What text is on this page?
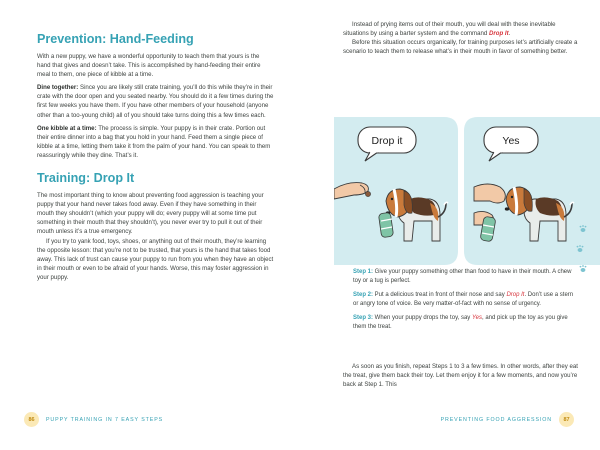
Prevention: Hand-Feeding

With a new puppy, we have a wonderful opportunity to teach them that yours is the hand that gives and doesn’t take. This is accomplished by hand-feeding their entire meal to them, one piece of kibble at a time.

Dine together: Since you are likely still crate training, you’ll do this while they’re in their crate with the door open and you seated nearby. You should do it a few times during the first few weeks you have them. If you have other members of your household (anyone other than a too-young child) all of you should take turns doing this a few times each.

One kibble at a time: The process is simple. Your puppy is in their crate. Portion out their entire dinner into a bag that you hold in your hand. Feed them a single piece of kibble at a time, letting them take it from the palm of your hand. You can speak to them reassuringly while they dine. That’s it.

Training: Drop It

The most important thing to know about preventing food aggression is teaching your puppy that your hand never takes food away. Even if they have something in their mouth they shouldn’t (which your puppy will do; every puppy will at some time put something in their mouth that they shouldn’t), you never ever try to pull it out of their mouth unless it’s a true emergency.

If you try to yank food, toys, shoes, or anything out of their mouth, they’re learning the opposite lesson: that you’re not to be trusted, that yours is the hand that takes food away. This lack of trust can cause your puppy to run from you when they have an object in their mouth or even to be afraid of your hands. Worse, this may foster aggression in your puppy.

86	PUPPY TRAINING IN 7 EASY STEPS

Instead of prying items out of their mouth, you will deal with these inevitable situations by using a barter system and the command Drop It.

Before this situation occurs organically, for training purposes let’s artificially create a scenario to teach them to release what’s in their mouth in favor of something better.

Drop it	Yes

Step 1: Give your puppy something other than food to have in their mouth. A chew toy or a tug is perfect.

Step 2: Put a delicious treat in front of their nose and say Drop It. Don’t use a stern or angry tone of voice. Be very matter-of-fact with no sense of urgency.

Step 3: When your puppy drops the toy, say Yes, and pick up the toy as you give them the treat.

As soon as you finish, repeat Steps 1 to 3 a few times. In other words, after they eat the treat, give them back their toy. Let them enjoy it for a few moments, and now you’re back at Step 1. This

PREVENTING FOOD AGGRESSION	87
